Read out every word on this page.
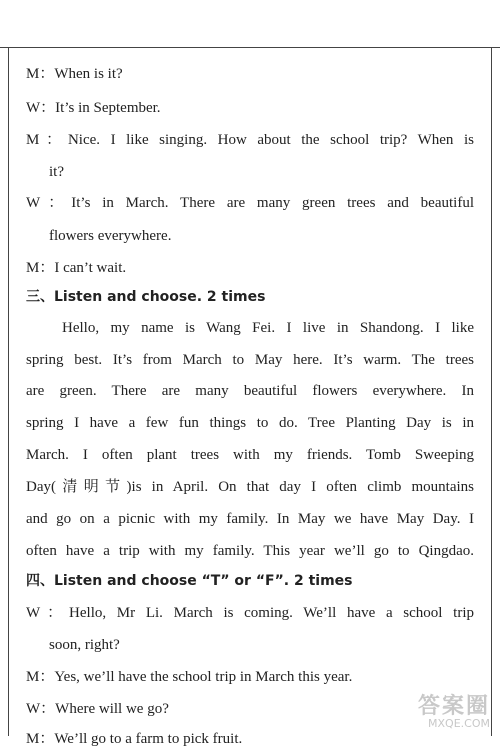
M：When is it?
W：It’s in September.
M：Nice. I like singing. How about the school trip? When is
it?
W：It’s in March. There are many green trees and beautiful
flowers everywhere.
M：I can’t wait.
三、Listen and choose. 2 times
Hello, my name is Wang Fei. I live in Shandong. I like
spring best. It’s from March to May here. It’s warm. The trees
are green. There are many beautiful flowers everywhere. In
spring I have a few fun things to do. Tree Planting Day is in
March. I often plant trees with my friends. Tomb Sweeping
Day(清明节)is in April. On that day I often climb mountains
and go on a picnic with my family. In May we have May Day. I
often have a trip with my family. This year we’ll go to Qingdao.
四、Listen and choose “T” or “F”. 2 times
W：Hello, Mr Li. March is coming. We’ll have a school trip
soon, right?
M：Yes, we’ll have the school trip in March this year.
W：Where will we go?
M：We’ll go to a farm to pick fruit.
答案圈
MXQE.COM
